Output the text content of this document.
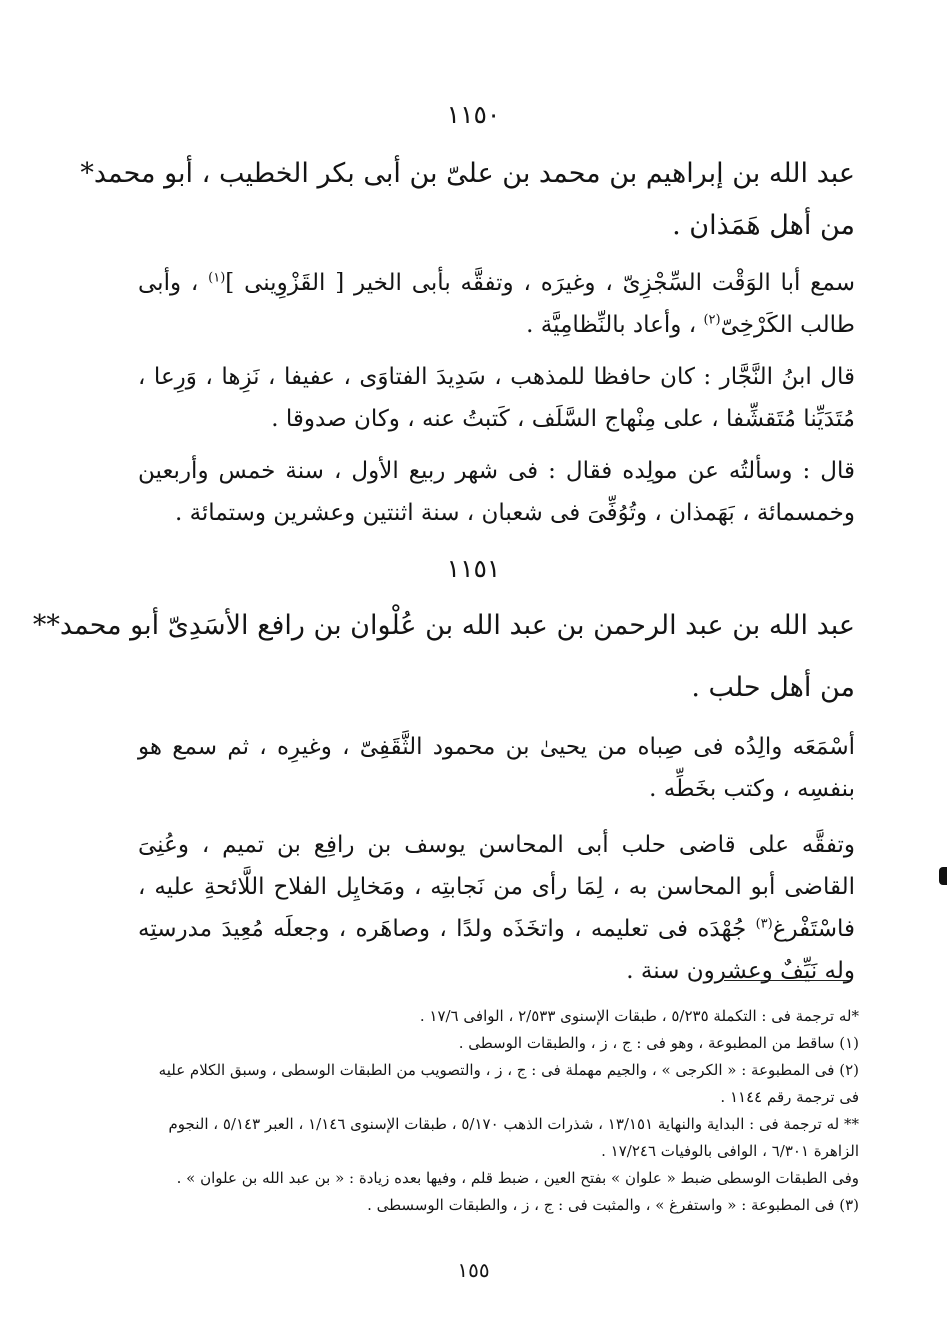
١١٥٠
عبد الله بن إبراهيم بن محمد بن علىّ بن أبى بكر الخطيب ، أبو محمد*
من أهل هَمَذان .
سمع أبا الوَقْت السِّجْزِىّ ، وغيرَه ، وتفقَّه بأبى الخير [ القَزْوِينى ]$^{(١)}$ ، وأبى طالب الكَرْخِىّ$^{(٢)}$ ، وأعاد بالنِّظامِيَّة .
قال ابنُ النَّجَّار : كان حافظا للمذهب ، سَدِيدَ الفتاوَى ، عفيفا ، نَزِها ، وَرِعا ، مُتَدَيِّنا مُتَقشِّفا ، على مِنْهاج السَّلَف ، كَتبتُ عنه ، وكان صدوقا .
قال : وسألتُه عن مولِده فقال : فى شهر ربيع الأول ، سنة خمس وأربعين وخمسمائة ، بَهَمذان ، وتُوُفِّىَ فى شعبان ، سنة اثنتين وعشرين وستمائة .
١١٥١
عبد الله بن عبد الرحمن بن عبد الله بن عُلْوان بن رافع الأسَدِىّ أبو محمد**
من أهل حلب .
أسْمَعَه والِدُه فى صِباه من يحيىٰ بن محمود الثَّقَفِىّ ، وغيرِه ، ثم سمع هو بنفسِه ، وكتب بخَطِّه .
وتفقَّه على قاضى حلب أبى المحاسن يوسف بن رافِع بن تميم ، وعُنِىَ القاضى أبو المحاسن به ، لِمَا رأى من نَجابتِه ، ومَخايِل الفلاح اللَّائحةِ عليه ، فاسْتَفْرغ$^{(٣)}$ جُهْدَه فى تعليمه ، واتخَذَه ولدًا ، وصاهَره ، وجعلَه مُعِيدَ مدرستِه وله نَيِّفٌ وعشرون سنة .
*له ترجمة فى : التكملة ٥/٢٣٥ ، طبقات الإسنوى ٢/٥٣٣ ، الوافى ١٧/٦ .
(١) ساقط من المطبوعة ، وهو فى : ج ، ز ، والطبقات الوسطى .
(٢) فى المطبوعة : « الكرجى » ، والجيم مهملة فى : ج ، ز ، والتصويب من الطبقات الوسطى ، وسبق الكلام عليه فى ترجمة رقم ١١٤٤ .
** له ترجمة فى : البداية والنهاية ١٣/١٥١ ، شذرات الذهب ٥/١٧٠ ، طبقات الإسنوى ١/١٤٦ ، العبر ٥/١٤٣ ، النجوم الزاهرة ٦/٣٠١ ، الوافى بالوفيات ١٧/٢٤٦ .
وفى الطبقات الوسطى ضبط « علوان » بفتح العين ، ضبط قلم ، وفيها بعده زيادة : « بن عبد الله بن علوان » .
(٣) فى المطبوعة : « واستفرغ » ، والمثبت فى : ج ، ز ، والطبقات الوسسطى .
١٥٥
